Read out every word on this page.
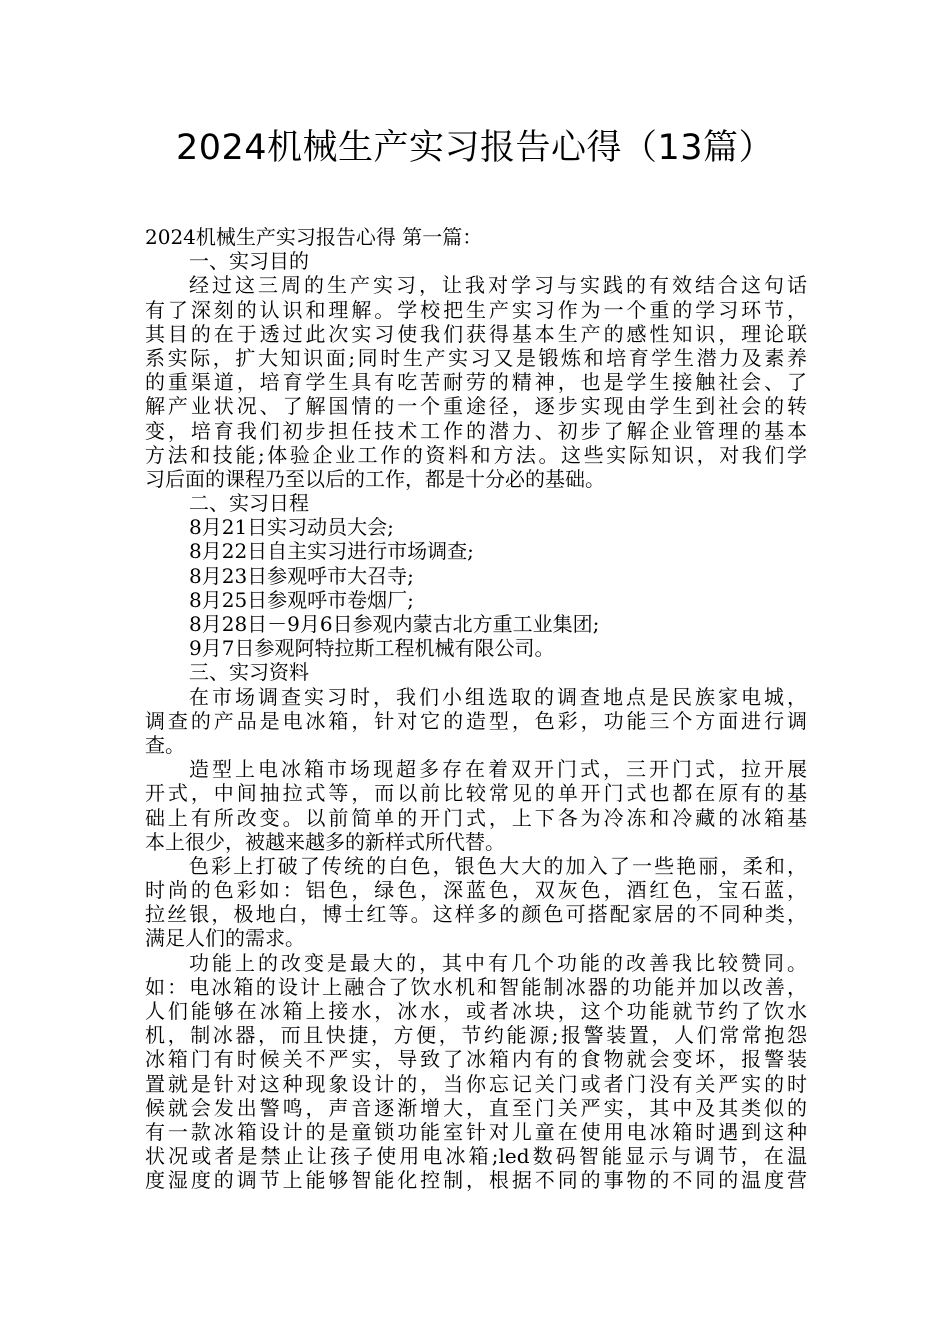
2024机械生产实习报告心得（13篇）
2024机械生产实习报告心得 第一篇：
一、实习目的
经过这三周的生产实习，让我对学习与实践的有效结合这句话
有了深刻的认识和理解。学校把生产实习作为一个重的学习环节，
其目的在于透过此次实习使我们获得基本生产的感性知识，理论联
系实际，扩大知识面;同时生产实习又是锻炼和培育学生潜力及素养
的重渠道，培育学生具有吃苦耐劳的精神，也是学生接触社会、了
解产业状况、了解国情的一个重途径，逐步实现由学生到社会的转
变，培育我们初步担任技术工作的潜力、初步了解企业管理的基本
方法和技能;体验企业工作的资料和方法。这些实际知识，对我们学
习后面的课程乃至以后的工作，都是十分必的基础。
二、实习日程
8月21日实习动员大会;
8月22日自主实习进行市场调查;
8月23日参观呼市大召寺;
8月25日参观呼市卷烟厂;
8月28日－9月6日参观内蒙古北方重工业集团;
9月7日参观阿特拉斯工程机械有限公司。
三、实习资料
在市场调查实习时，我们小组选取的调查地点是民族家电城，
调查的产品是电冰箱，针对它的造型，色彩，功能三个方面进行调
查。
造型上电冰箱市场现超多存在着双开门式，三开门式，拉开展
开式，中间抽拉式等，而以前比较常见的单开门式也都在原有的基
础上有所改变。以前简单的开门式，上下各为冷冻和冷藏的冰箱基
本上很少，被越来越多的新样式所代替。
色彩上打破了传统的白色，银色大大的加入了一些艳丽，柔和，
时尚的色彩如：铝色，绿色，深蓝色，双灰色，酒红色，宝石蓝，
拉丝银，极地白，博士红等。这样多的颜色可搭配家居的不同种类，
满足人们的需求。
功能上的改变是最大的，其中有几个功能的改善我比较赞同。
如：电冰箱的设计上融合了饮水机和智能制冰器的功能并加以改善，
人们能够在冰箱上接水，冰水，或者冰块，这个功能就节约了饮水
机，制冰器，而且快捷，方便，节约能源;报警装置，人们常常抱怨
冰箱门有时候关不严实，导致了冰箱内有的食物就会变坏，报警装
置就是针对这种现象设计的，当你忘记关门或者门没有关严实的时
候就会发出警鸣，声音逐渐增大，直至门关严实，其中及其类似的
有一款冰箱设计的是童锁功能室针对儿童在使用电冰箱时遇到这种
状况或者是禁止让孩子使用电冰箱;led数码智能显示与调节，在温
度湿度的调节上能够智能化控制，根据不同的事物的不同的温度营
